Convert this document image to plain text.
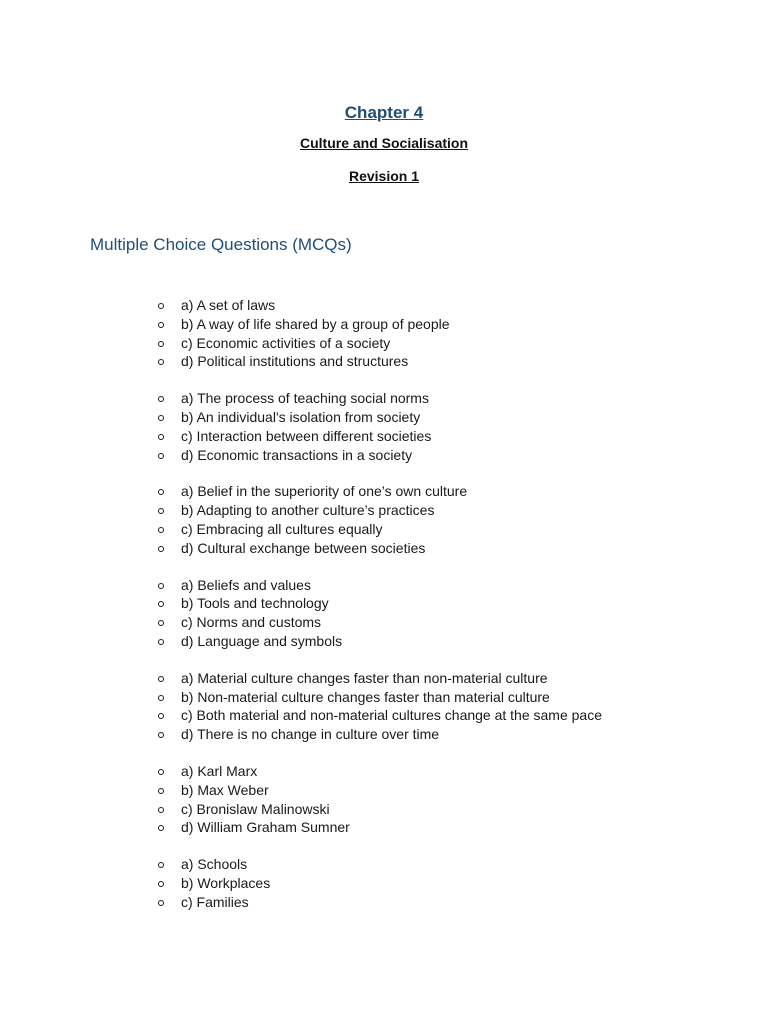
Chapter 4
Culture and Socialisation
Revision 1
Multiple Choice Questions (MCQs)
a) A set of laws
b) A way of life shared by a group of people
c) Economic activities of a society
d) Political institutions and structures
a) The process of teaching social norms
b) An individual's isolation from society
c) Interaction between different societies
d) Economic transactions in a society
a) Belief in the superiority of one’s own culture
b) Adapting to another culture’s practices
c) Embracing all cultures equally
d) Cultural exchange between societies
a) Beliefs and values
b) Tools and technology
c) Norms and customs
d) Language and symbols
a) Material culture changes faster than non-material culture
b) Non-material culture changes faster than material culture
c) Both material and non-material cultures change at the same pace
d) There is no change in culture over time
a) Karl Marx
b) Max Weber
c) Bronislaw Malinowski
d) William Graham Sumner
a) Schools
b) Workplaces
c) Families
